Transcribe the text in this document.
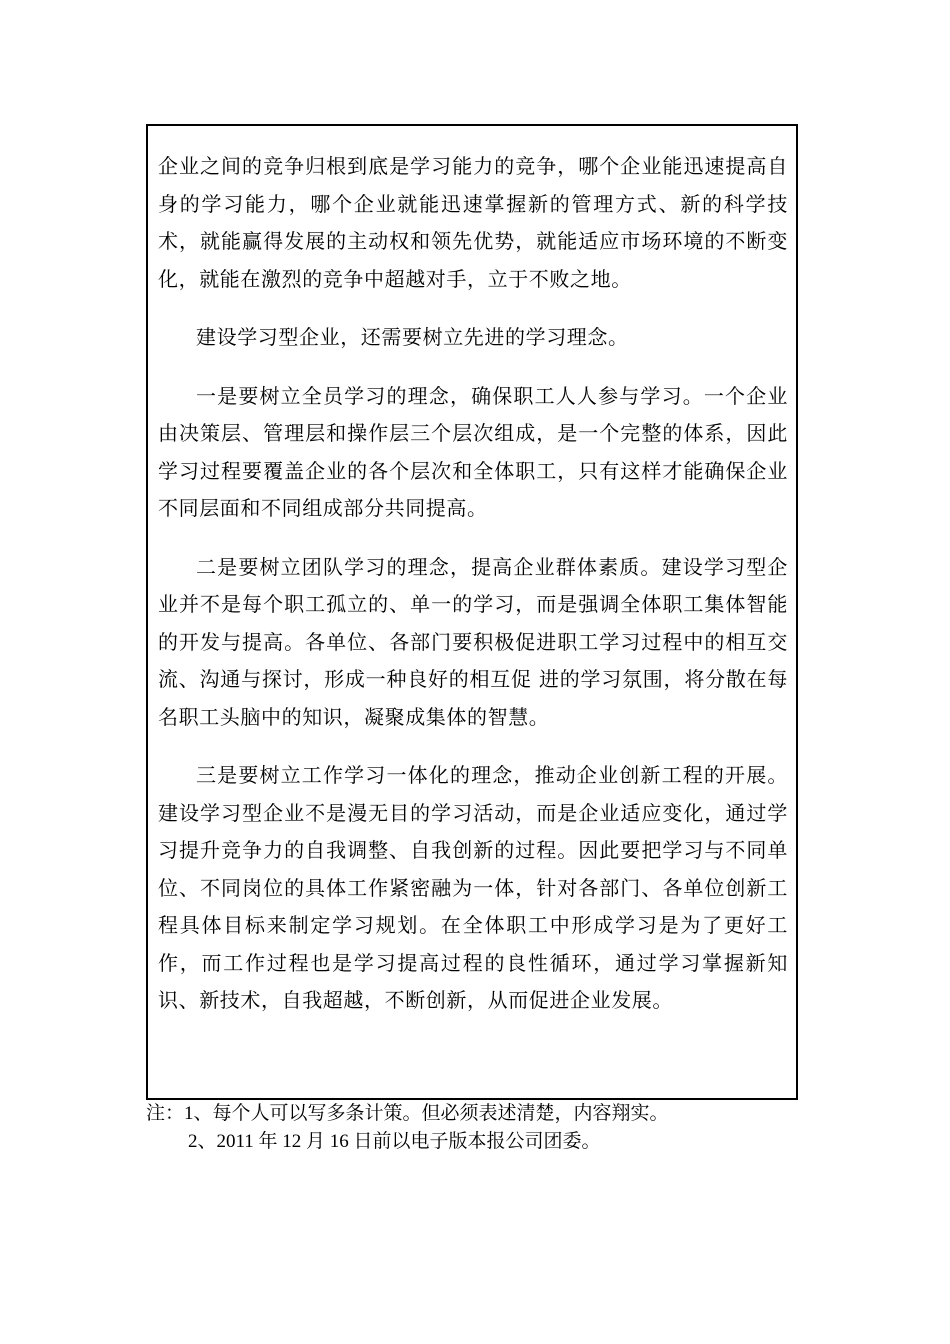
企业之间的竞争归根到底是学习能力的竞争，哪个企业能迅速提高自身的学习能力，哪个企业就能迅速掌握新的管理方式、新的科学技术，就能赢得发展的主动权和领先优势，就能适应市场环境的不断变化，就能在激烈的竞争中超越对手，立于不败之地。

建设学习型企业，还需要树立先进的学习理念。

一是要树立全员学习的理念，确保职工人人参与学习。一个企业由决策层、管理层和操作层三个层次组成，是一个完整的体系，因此学习过程要覆盖企业的各个层次和全体职工，只有这样才能确保企业不同层面和不同组成部分共同提高。

二是要树立团队学习的理念，提高企业群体素质。建设学习型企业并不是每个职工孤立的、单一的学习，而是强调全体职工集体智能的开发与提高。各单位、各部门要积极促进职工学习过程中的相互交流、沟通与探讨，形成一种良好的相互促 进的学习氛围，将分散在每名职工头脑中的知识，凝聚成集体的智慧。

三是要树立工作学习一体化的理念，推动企业创新工程的开展。建设学习型企业不是漫无目的学习活动，而是企业适应变化，通过学习提升竞争力的自我调整、自我创新的过程。因此要把学习与不同单位、不同岗位的具体工作紧密融为一体，针对各部门、各单位创新工程具体目标来制定学习规划。在全体职工中形成学习是为了更好工作，而工作过程也是学习提高过程的良性循环，通过学习掌握新知识、新技术，自我超越，不断创新，从而促进企业发展。

注：1、每个人可以写多条计策。但必须表述清楚，内容翔实。
2、2011 年 12 月 16 日前以电子版本报公司团委。
